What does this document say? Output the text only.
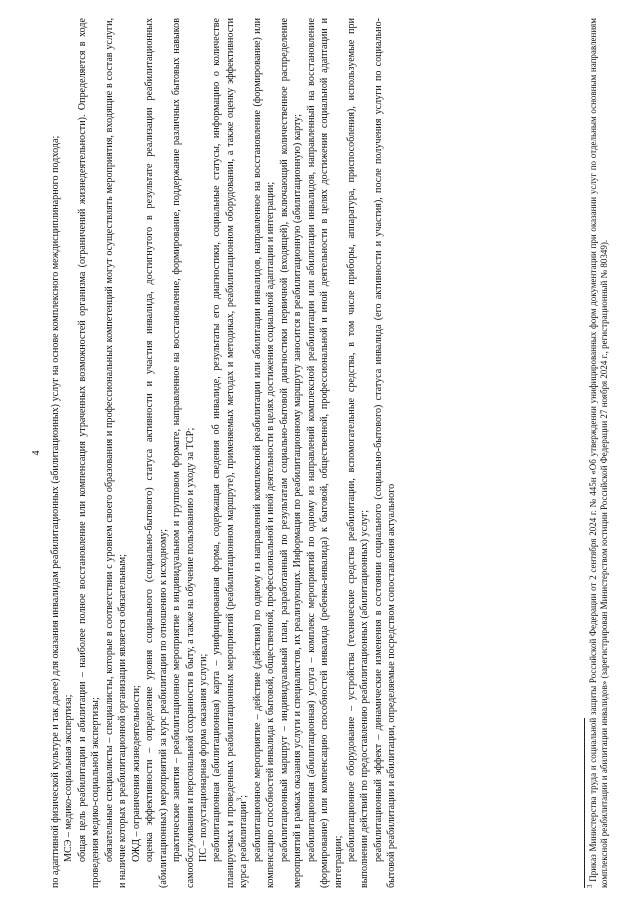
4 по адаптивной физической культуре и так далее) для оказания инвалидам реабилитационных (абилитационных) услуг на основе комплексного междисциплинарного подхода; МСЭ – медико-социальная экспертиза; общая цель реабилитации и абилитации – наиболее полное восстановление или компенсация утраченных возможностей организма (ограничений жизнедеятельности). Определяется в ходе проведения медико-социальной экспертизы; обязательные специалисты – специалисты, которые в соответствии с уровнем своего образования и профессиональных компетенций могут осуществлять мероприятия, входящие в состав услуги, и наличие которых в реабилитационной организации является обязательным; ОЖД – ограничения жизнедеятельности; оценка эффективности – определение уровня социального (социально-бытового) статуса активности и участия инвалида, достигнутого в результате реализации реабилитационных (абилитационных) мероприятий за курс реабилитации по отношению к исходному; практические занятия – реабилитационное мероприятие в индивидуальном и групповом формате, направленное на восстановление, формирование, поддержание различных бытовых навыков самообслуживания и персональной сохранности в быту, а также на обучение пользованию и уходу за ТСР; ПС – полустационарная форма оказания услуги; реабилитационная (абилитационная) карта – унифицированная форма, содержащая сведения об инвалиде, результаты его диагностики, социальные статусы, информацию о количестве планируемых и проведенных реабилитационных мероприятий (реабилитационном маршруте), применяемых методах и методиках, реабилитационном оборудовании, а также оценку эффективности курса реабилитации$^3$; реабилитационное мероприятие – действие (действия) по одному из направлений комплексной реабилитации или абилитации инвалидов, направленное на восстановление (формирование) или компенсацию способностей инвалида к бытовой, общественной, профессиональной и иной деятельности в целях достижения социальной адаптации и интеграции; реабилитационный маршрут – индивидуальный план, разработанный по результатам социально-бытовой диагностики первичной (входящей), включающий количественное распределение мероприятий в рамках оказания услуги и специалистов, их реализующих. Информация по реабилитационному маршруту заносится в реабилитационную (абилитационную) карту; реабилитационная (абилитационная) услуга – комплекс мероприятий по одному из направлений комплексной реабилитации или абилитации инвалидов, направленный на восстановление (формирование) или компенсацию способностей инвалида (ребенка-инвалида) к бытовой, общественной, профессиональной и иной деятельности в целях достижения социальной адаптации и интеграции; реабилитационное оборудование – устройства (технические средства реабилитации, вспомогательные средства, в том числе приборы, аппаратура, приспособления), используемые при выполнении действий по предоставлению реабилитационных (абилитационных) услуг; реабилитационный эффект – динамические изменения в состоянии социального (социально-бытового) статуса инвалида (его активности и участия), после получения услуги по социально-бытовой реабилитации и абилитации, определяемые посредством сопоставления актуального	$^3$ Приказ Министерства труда и социальной защиты Российской Федерации от 2 сентября 2024 г. № 445н «Об утверждении унифицированных форм документации при оказании услуг по отдельным основным направлениям комплексной реабилитации и абилитации инвалидов» (зарегистрирован Министерством юстиции Российской Федерации 27 ноября 2024 г., регистрационный № 80349).
